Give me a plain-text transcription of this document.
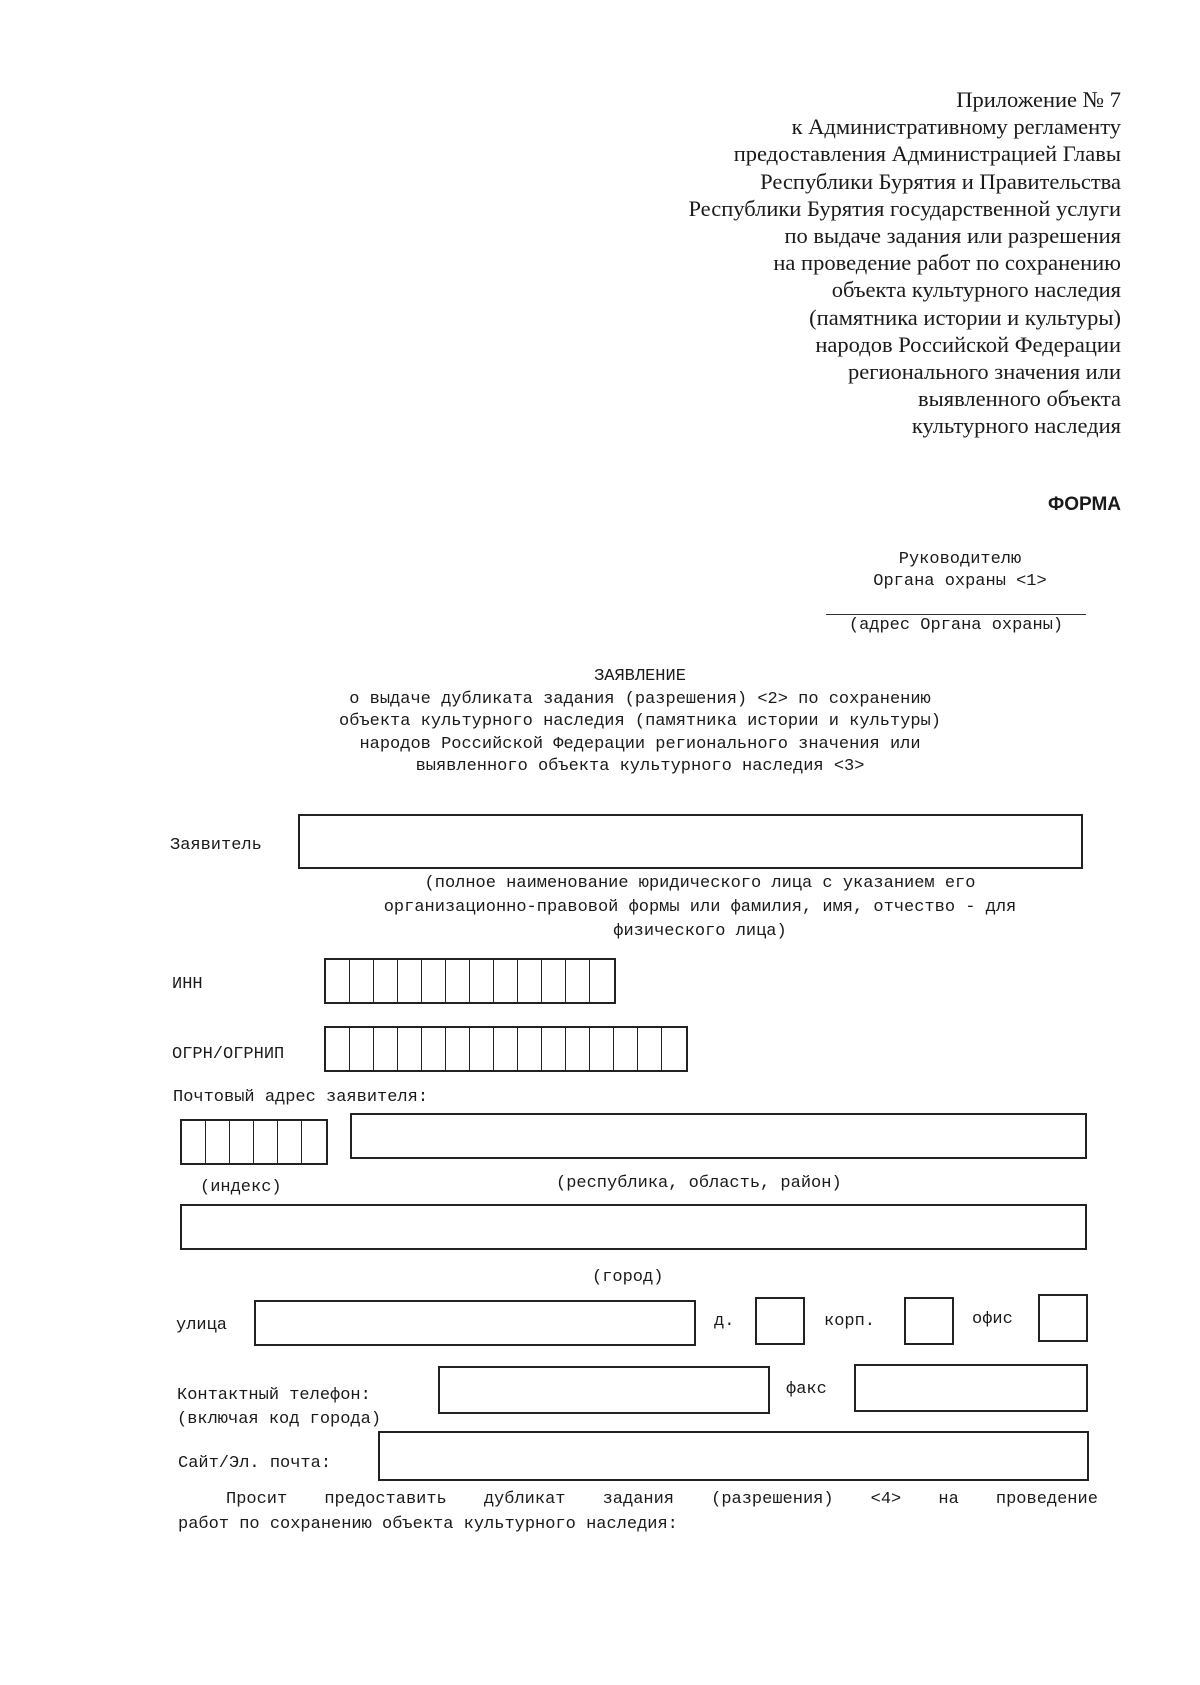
Приложение № 7
к Административному регламенту
предоставления Администрацией Главы
Республики Бурятия и Правительства
Республики Бурятия государственной услуги
по выдаче задания или разрешения
на проведение работ по сохранению
объекта культурного наследия
(памятника истории и культуры)
народов Российской Федерации
регионального значения или
выявленного объекта
культурного наследия
ФОРМА
Руководителю
Органа охраны <1>
(адрес Органа охраны)
ЗАЯВЛЕНИЕ
о выдаче дубликата задания (разрешения) <2> по сохранению
объекта культурного наследия (памятника истории и культуры)
народов Российской Федерации регионального значения или
выявленного объекта культурного наследия <3>
Заявитель
(полное наименование юридического лица с указанием его
организационно-правовой формы или фамилия, имя, отчество - для
физического лица)
ИНН
ОГРН/ОГРНИП
Почтовый адрес заявителя:
(индекс)	(республика, область, район)
(город)
улица	д.	корп.	офис
Контактный телефон:
(включая код города)
факс
Сайт/Эл. почта:
Просит предоставить дубликат задания (разрешения) <4> на проведение
работ по сохранению объекта культурного наследия:
